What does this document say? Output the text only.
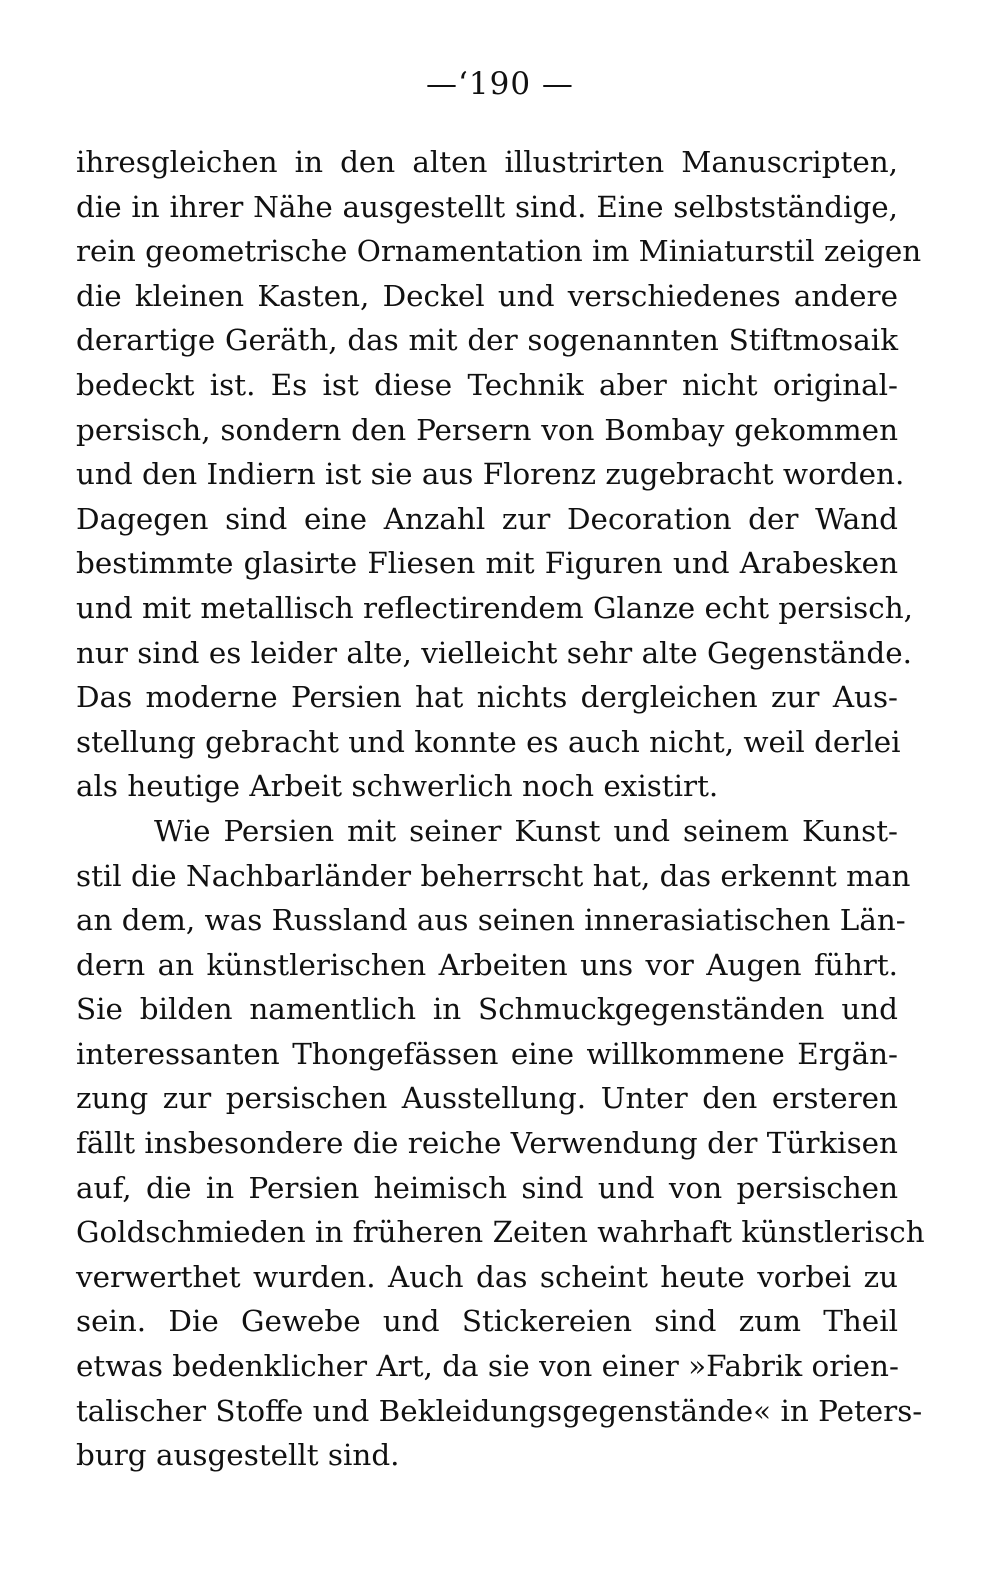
—‘190 —
ihresgleichen in den alten illustrirten Manuscripten,
die in ihrer Nähe ausgestellt sind. Eine selbstständige,
rein geometrische Ornamentation im Miniaturstil zeigen
die kleinen Kasten, Deckel und verschiedenes andere
derartige Geräth, das mit der sogenannten Stiftmosaik
bedeckt ist. Es ist diese Technik aber nicht original-
persisch, sondern den Persern von Bombay gekommen
und den Indiern ist sie aus Florenz zugebracht worden.
Dagegen sind eine Anzahl zur Decoration der Wand
bestimmte glasirte Fliesen mit Figuren und Arabesken
und mit metallisch reflectirendem Glanze echt persisch,
nur sind es leider alte, vielleicht sehr alte Gegenstände.
Das moderne Persien hat nichts dergleichen zur Aus-
stellung gebracht und konnte es auch nicht, weil derlei
als heutige Arbeit schwerlich noch existirt.
Wie Persien mit seiner Kunst und seinem Kunst-
stil die Nachbarländer beherrscht hat, das erkennt man
an dem, was Russland aus seinen innerasiatischen Län-
dern an künstlerischen Arbeiten uns vor Augen führt.
Sie bilden namentlich in Schmuckgegenständen und
interessanten Thongefässen eine willkommene Ergän-
zung zur persischen Ausstellung. Unter den ersteren
fällt insbesondere die reiche Verwendung der Türkisen
auf, die in Persien heimisch sind und von persischen
Goldschmieden in früheren Zeiten wahrhaft künstlerisch
verwerthet wurden. Auch das scheint heute vorbei zu
sein. Die Gewebe und Stickereien sind zum Theil
etwas bedenklicher Art, da sie von einer »Fabrik orien-
talischer Stoffe und Bekleidungsgegenstände« in Peters-
burg ausgestellt sind.
